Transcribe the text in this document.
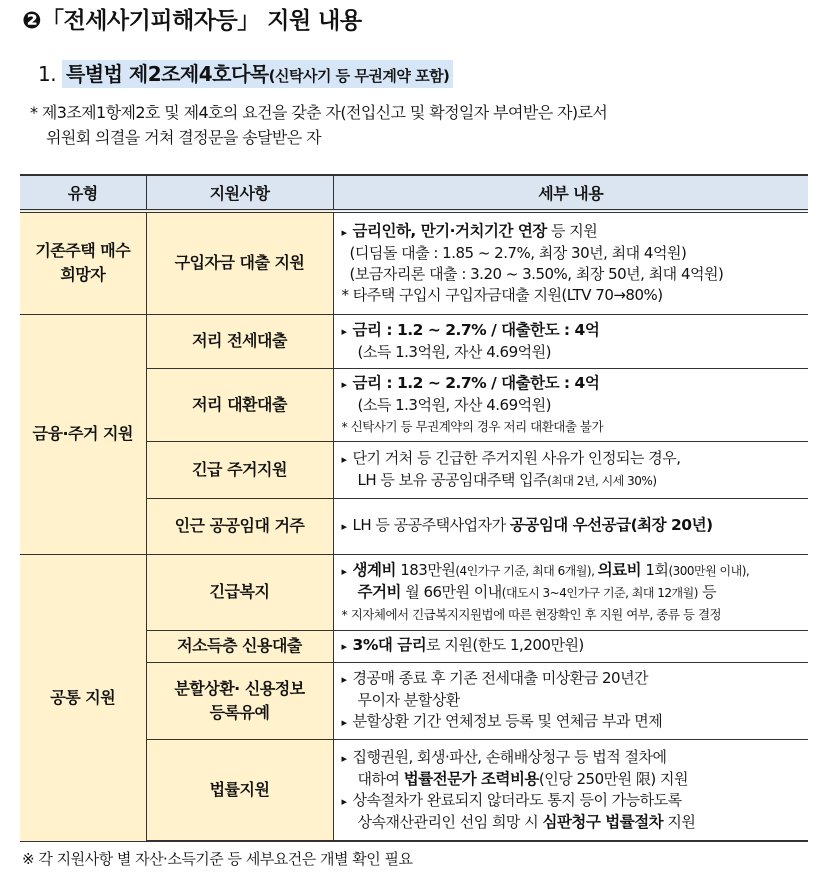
❷「전세사기피해자등」 지원 내용
1. 특별법 제2조제4호다목(신탁사기 등 무권계약 포함)
* 제3조제1항제2호 및 제4호의 요건을 갖춘 자(전입신고 및 확정일자 부여받은 자)로서
위원회 의결을 거쳐 결정문을 송달받은 자
유형	지원사항	세부 내용
기존주택 매수 희망자	구입자금 대출 지원	▸ 금리인하, 만기·거치기간 연장 등 지원
(디딤돌 대출 : 1.85 ~ 2.7%, 최장 30년, 최대 4억원)
(보금자리론 대출 : 3.20 ~ 3.50%, 최장 50년, 최대 4억원)
* 타주택 구입시 구입자금대출 지원(LTV 70→80%)

금융·주거 지원	저리 전세대출	▸ 금리 : 1.2 ~ 2.7% / 대출한도 : 4억
(소득 1.3억원, 자산 4.69억원)

	저리 대환대출	▸ 금리 : 1.2 ~ 2.7% / 대출한도 : 4억
(소득 1.3억원, 자산 4.69억원)
* 신탁사기 등 무권계약의 경우 저리 대환대출 불가

	긴급 주거지원	▸ 단기 거처 등 긴급한 주거지원 사유가 인정되는 경우,
LH 등 보유 공공임대주택 입주(최대 2년, 시세 30%)

	인근 공공임대 거주	▸ LH 등 공공주택사업자가 공공임대 우선공급(최장 20년)

공통 지원	긴급복지	▸ 생계비 183만원(4인가구 기준, 최대 6개월), 의료비 1회(300만원 이내),
주거비 월 66만원 이내(대도시 3~4인가구 기준, 최대 12개월) 등
* 지자체에서 긴급복지지원법에 따른 현장확인 후 지원 여부, 종류 등 결정

	저소득층 신용대출	▸ 3%대 금리로 지원(한도 1,200만원)

	분할상환· 신용정보 등록유예	▸ 경공매 종료 후 기존 전세대출 미상환금 20년간
무이자 분할상환
▸ 분할상환 기간 연체정보 등록 및 연체금 부과 면제

	법률지원	▸ 집행권원, 회생·파산, 손해배상청구 등 법적 절차에
대하여 법률전문가 조력비용(인당 250만원 限) 지원
▸ 상속절차가 완료되지 않더라도 통지 등이 가능하도록
상속재산관리인 선임 희망 시 심판청구 법률절차 지원
※ 각 지원사항 별 자산·소득기준 등 세부요건은 개별 확인 필요
